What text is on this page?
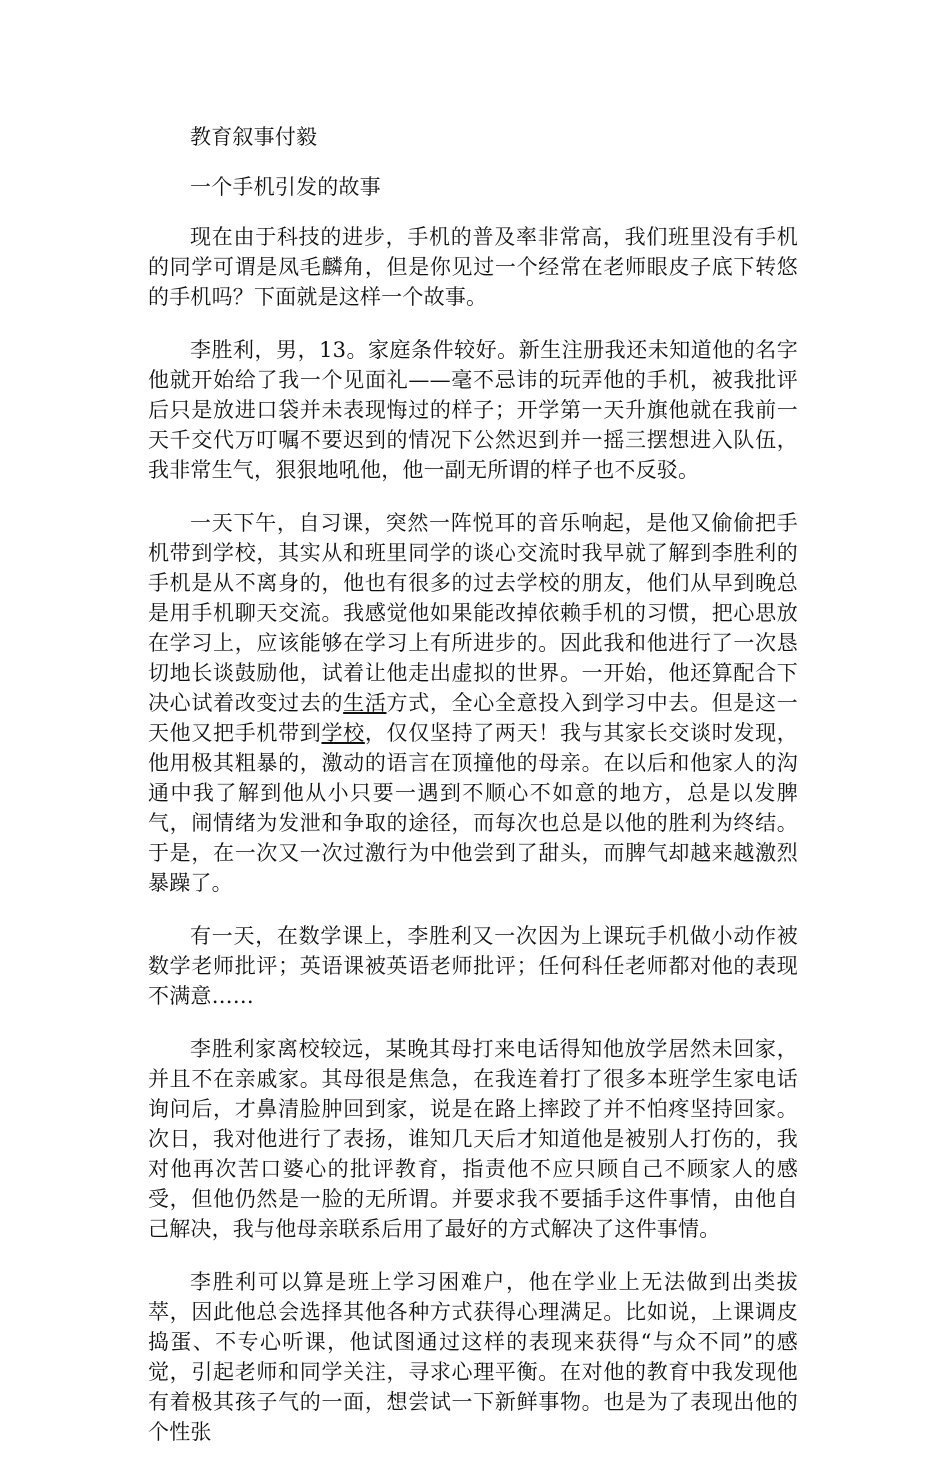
教育叙事付毅

一个手机引发的故事

现在由于科技的进步，手机的普及率非常高，我们班里没有手机的同学可谓是凤毛麟角，但是你见过一个经常在老师眼皮子底下转悠的手机吗？下面就是这样一个故事。

李胜利，男，13。家庭条件较好。新生注册我还未知道他的名字他就开始给了我一个见面礼——毫不忌讳的玩弄他的手机，被我批评后只是放进口袋并未表现悔过的样子；开学第一天升旗他就在我前一天千交代万叮嘱不要迟到的情况下公然迟到并一摇三摆想进入队伍，我非常生气，狠狠地吼他，他一副无所谓的样子也不反驳。

一天下午，自习课，突然一阵悦耳的音乐响起，是他又偷偷把手机带到学校，其实从和班里同学的谈心交流时我早就了解到李胜利的手机是从不离身的，他也有很多的过去学校的朋友，他们从早到晚总是用手机聊天交流。我感觉他如果能改掉依赖手机的习惯，把心思放在学习上，应该能够在学习上有所进步的。因此我和他进行了一次恳切地长谈鼓励他，试着让他走出虚拟的世界。一开始，他还算配合下决心试着改变过去的生活方式，全心全意投入到学习中去。但是这一天他又把手机带到学校，仅仅坚持了两天！我与其家长交谈时发现，他用极其粗暴的，激动的语言在顶撞他的母亲。在以后和他家人的沟通中我了解到他从小只要一遇到不顺心不如意的地方，总是以发脾气，闹情绪为发泄和争取的途径，而每次也总是以他的胜利为终结。于是，在一次又一次过激行为中他尝到了甜头，而脾气却越来越激烈暴躁了。

有一天，在数学课上，李胜利又一次因为上课玩手机做小动作被数学老师批评；英语课被英语老师批评；任何科任老师都对他的表现不满意……

李胜利家离校较远，某晚其母打来电话得知他放学居然未回家，并且不在亲戚家。其母很是焦急，在我连着打了很多本班学生家电话询问后，才鼻清脸肿回到家，说是在路上摔跤了并不怕疼坚持回家。次日，我对他进行了表扬，谁知几天后才知道他是被别人打伤的，我对他再次苦口婆心的批评教育，指责他不应只顾自己不顾家人的感受，但他仍然是一脸的无所谓。并要求我不要插手这件事情，由他自己解决，我与他母亲联系后用了最好的方式解决了这件事情。

李胜利可以算是班上学习困难户，他在学业上无法做到出类拔萃，因此他总会选择其他各种方式获得心理满足。比如说，上课调皮捣蛋、不专心听课，他试图通过这样的表现来获得“与众不同”的感觉，引起老师和同学关注，寻求心理平衡。在对他的教育中我发现他有着极其孩子气的一面，想尝试一下新鲜事物。也是为了表现出他的个性张
